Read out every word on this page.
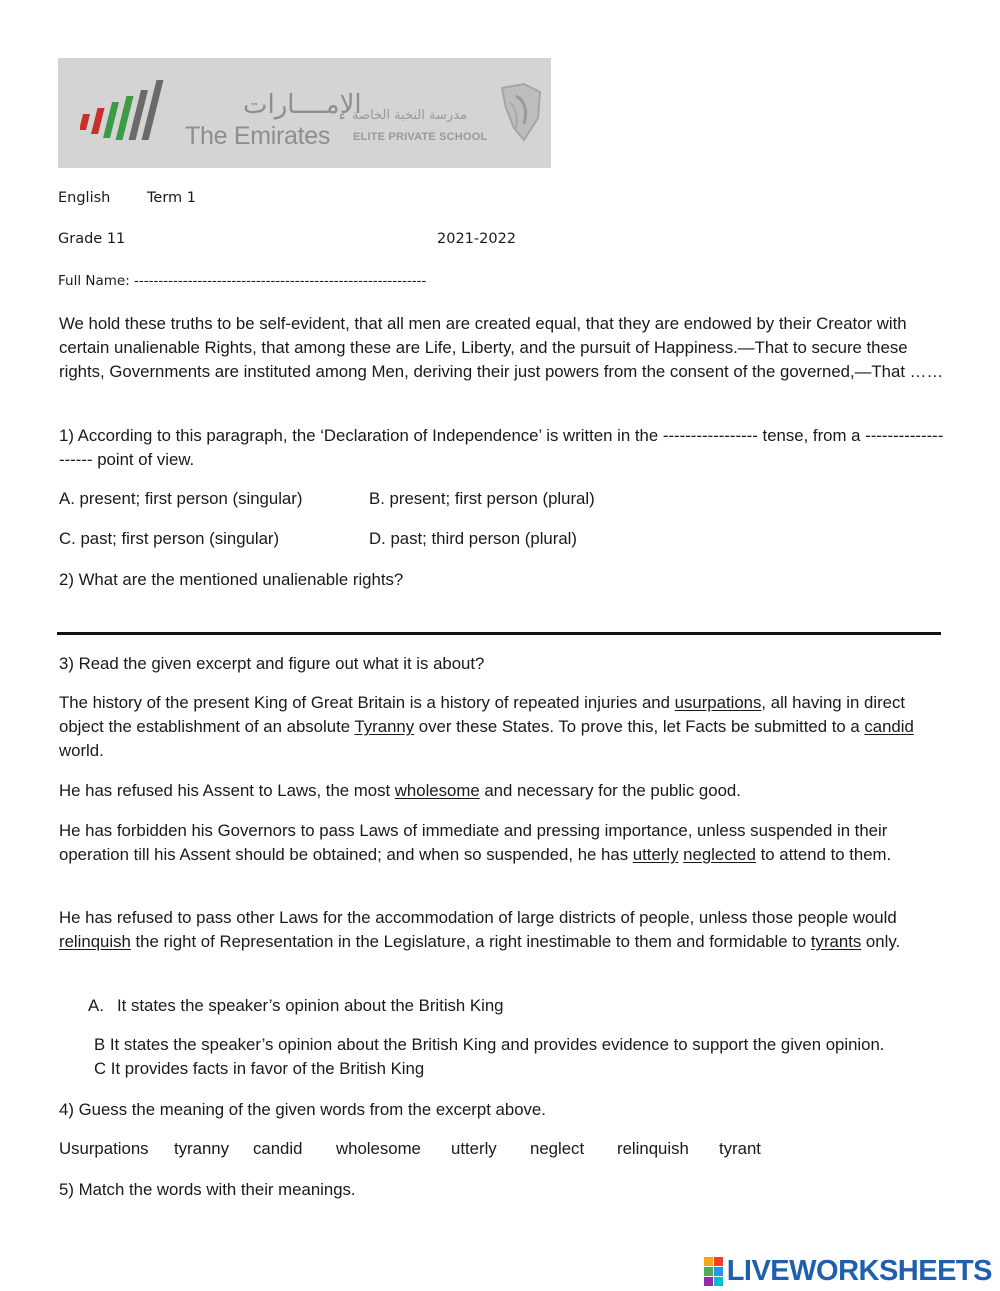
الإمــــارات
The Emirates
مدرسة النخبة الخاصة
ELITE PRIVATE SCHOOL
English	Term 1
Grade 11	2021-2022
Full Name: ------------------------------------------------------------
We hold these truths to be self-evident, that all men are created equal, that they are endowed by their Creator with certain unalienable Rights, that among these are Life, Liberty, and the pursuit of Happiness.—That to secure these rights, Governments are instituted among Men, deriving their just powers from the consent of the governed,—That ……
1) According to this paragraph, the ‘Declaration of Independence’ is written in the ----------------- tense, from a -------------------- point of view.
A. present; first person (singular)	B. present; first person (plural)
C. past; first person (singular)	D. past; third person (plural)
2) What are the mentioned unalienable rights?
3) Read the given excerpt and figure out what it is about?
The history of the present King of Great Britain is a history of repeated injuries and usurpations, all having in direct object the establishment of an absolute Tyranny over these States. To prove this, let Facts be submitted to a candid world.
He has refused his Assent to Laws, the most wholesome and necessary for the public good.
He has forbidden his Governors to pass Laws of immediate and pressing importance, unless suspended in their operation till his Assent should be obtained; and when so suspended, he has utterly neglected to attend to them.
He has refused to pass other Laws for the accommodation of large districts of people, unless those people would relinquish the right of Representation in the Legislature, a right inestimable to them and formidable to tyrants only.
A. It states the speaker’s opinion about the British King
B It states the speaker’s opinion about the British King and provides evidence to support the given opinion.
C It provides facts in favor of the British King
4) Guess the meaning of the given words from the excerpt above.
Usurpations tyranny candid wholesome utterly neglect relinquish tyrant
5) Match the words with their meanings.
LIVEWORKSHEETS
